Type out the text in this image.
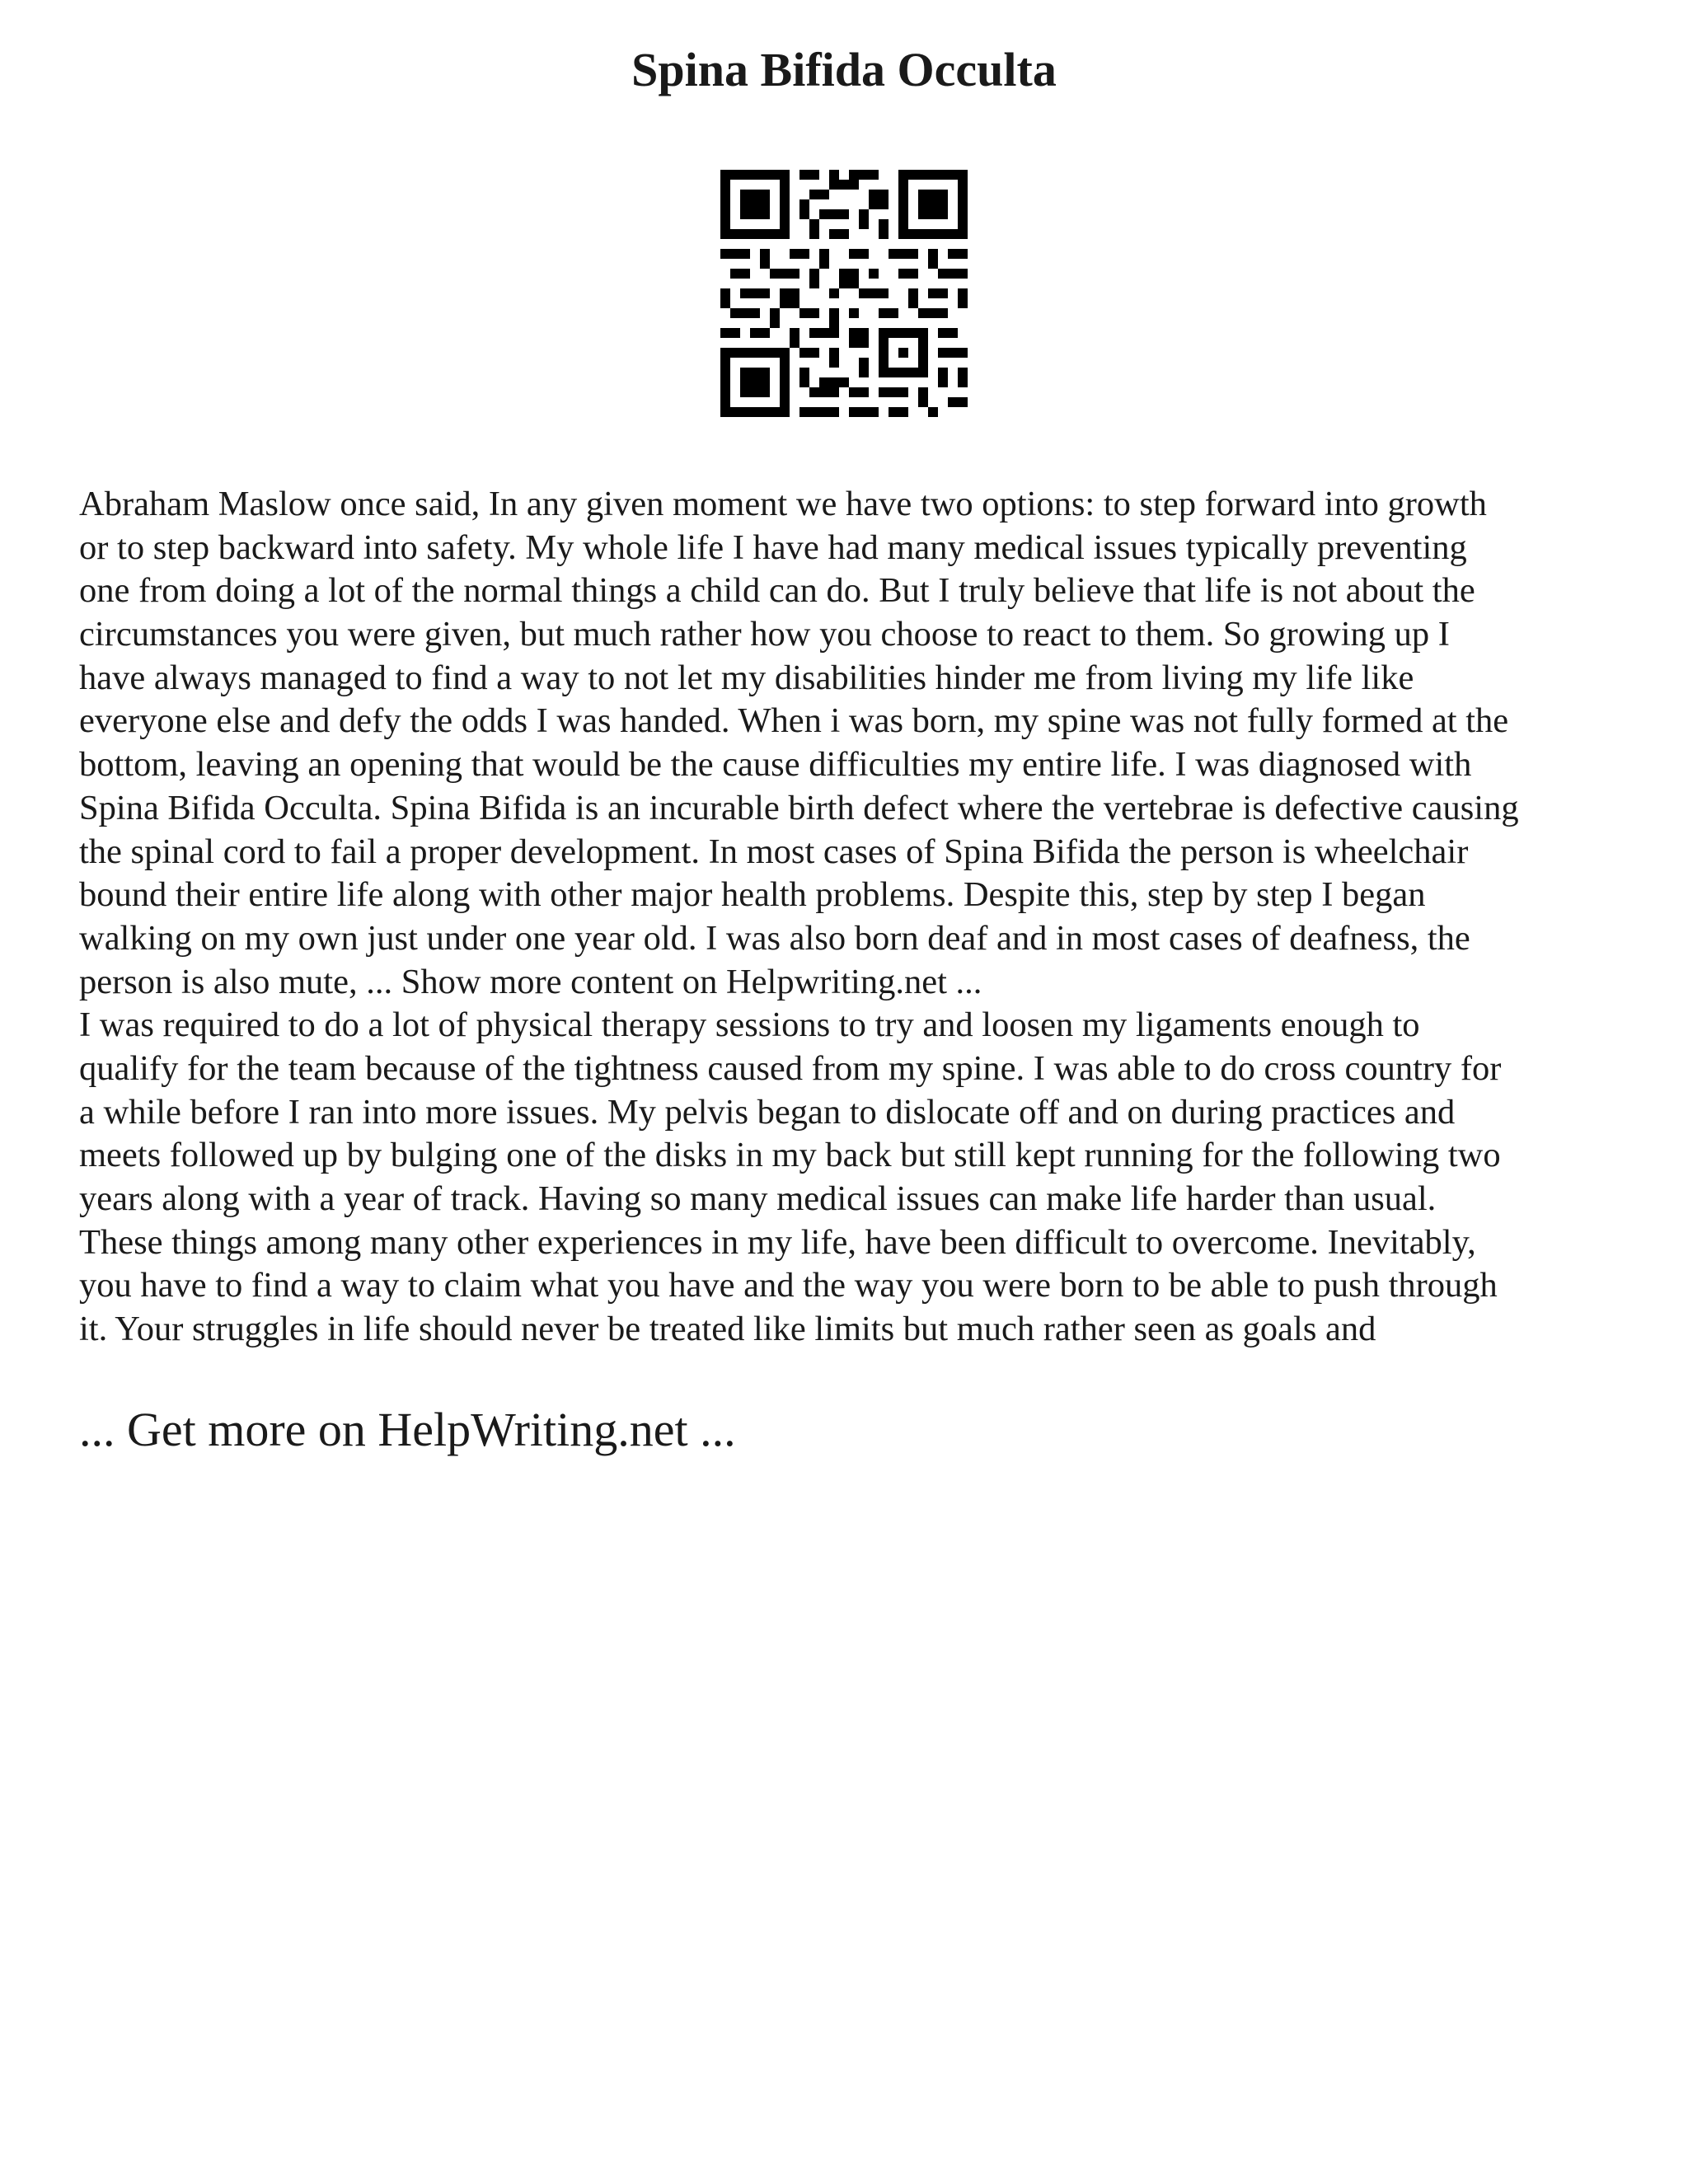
Spina Bifida Occulta

Abraham Maslow once said, In any given moment we have two options: to step forward into growth
or to step backward into safety. My whole life I have had many medical issues typically preventing
one from doing a lot of the normal things a child can do. But I truly believe that life is not about the
circumstances you were given, but much rather how you choose to react to them. So growing up I
have always managed to find a way to not let my disabilities hinder me from living my life like
everyone else and defy the odds I was handed. When i was born, my spine was not fully formed at the
bottom, leaving an opening that would be the cause difficulties my entire life. I was diagnosed with
Spina Bifida Occulta. Spina Bifida is an incurable birth defect where the vertebrae is defective causing
the spinal cord to fail a proper development. In most cases of Spina Bifida the person is wheelchair
bound their entire life along with other major health problems. Despite this, step by step I began
walking on my own just under one year old. I was also born deaf and in most cases of deafness, the
person is also mute, ... Show more content on Helpwriting.net ...
I was required to do a lot of physical therapy sessions to try and loosen my ligaments enough to
qualify for the team because of the tightness caused from my spine. I was able to do cross country for
a while before I ran into more issues. My pelvis began to dislocate off and on during practices and
meets followed up by bulging one of the disks in my back but still kept running for the following two
years along with a year of track. Having so many medical issues can make life harder than usual.
These things among many other experiences in my life, have been difficult to overcome. Inevitably,
you have to find a way to claim what you have and the way you were born to be able to push through
it. Your struggles in life should never be treated like limits but much rather seen as goals and

... Get more on HelpWriting.net ...
